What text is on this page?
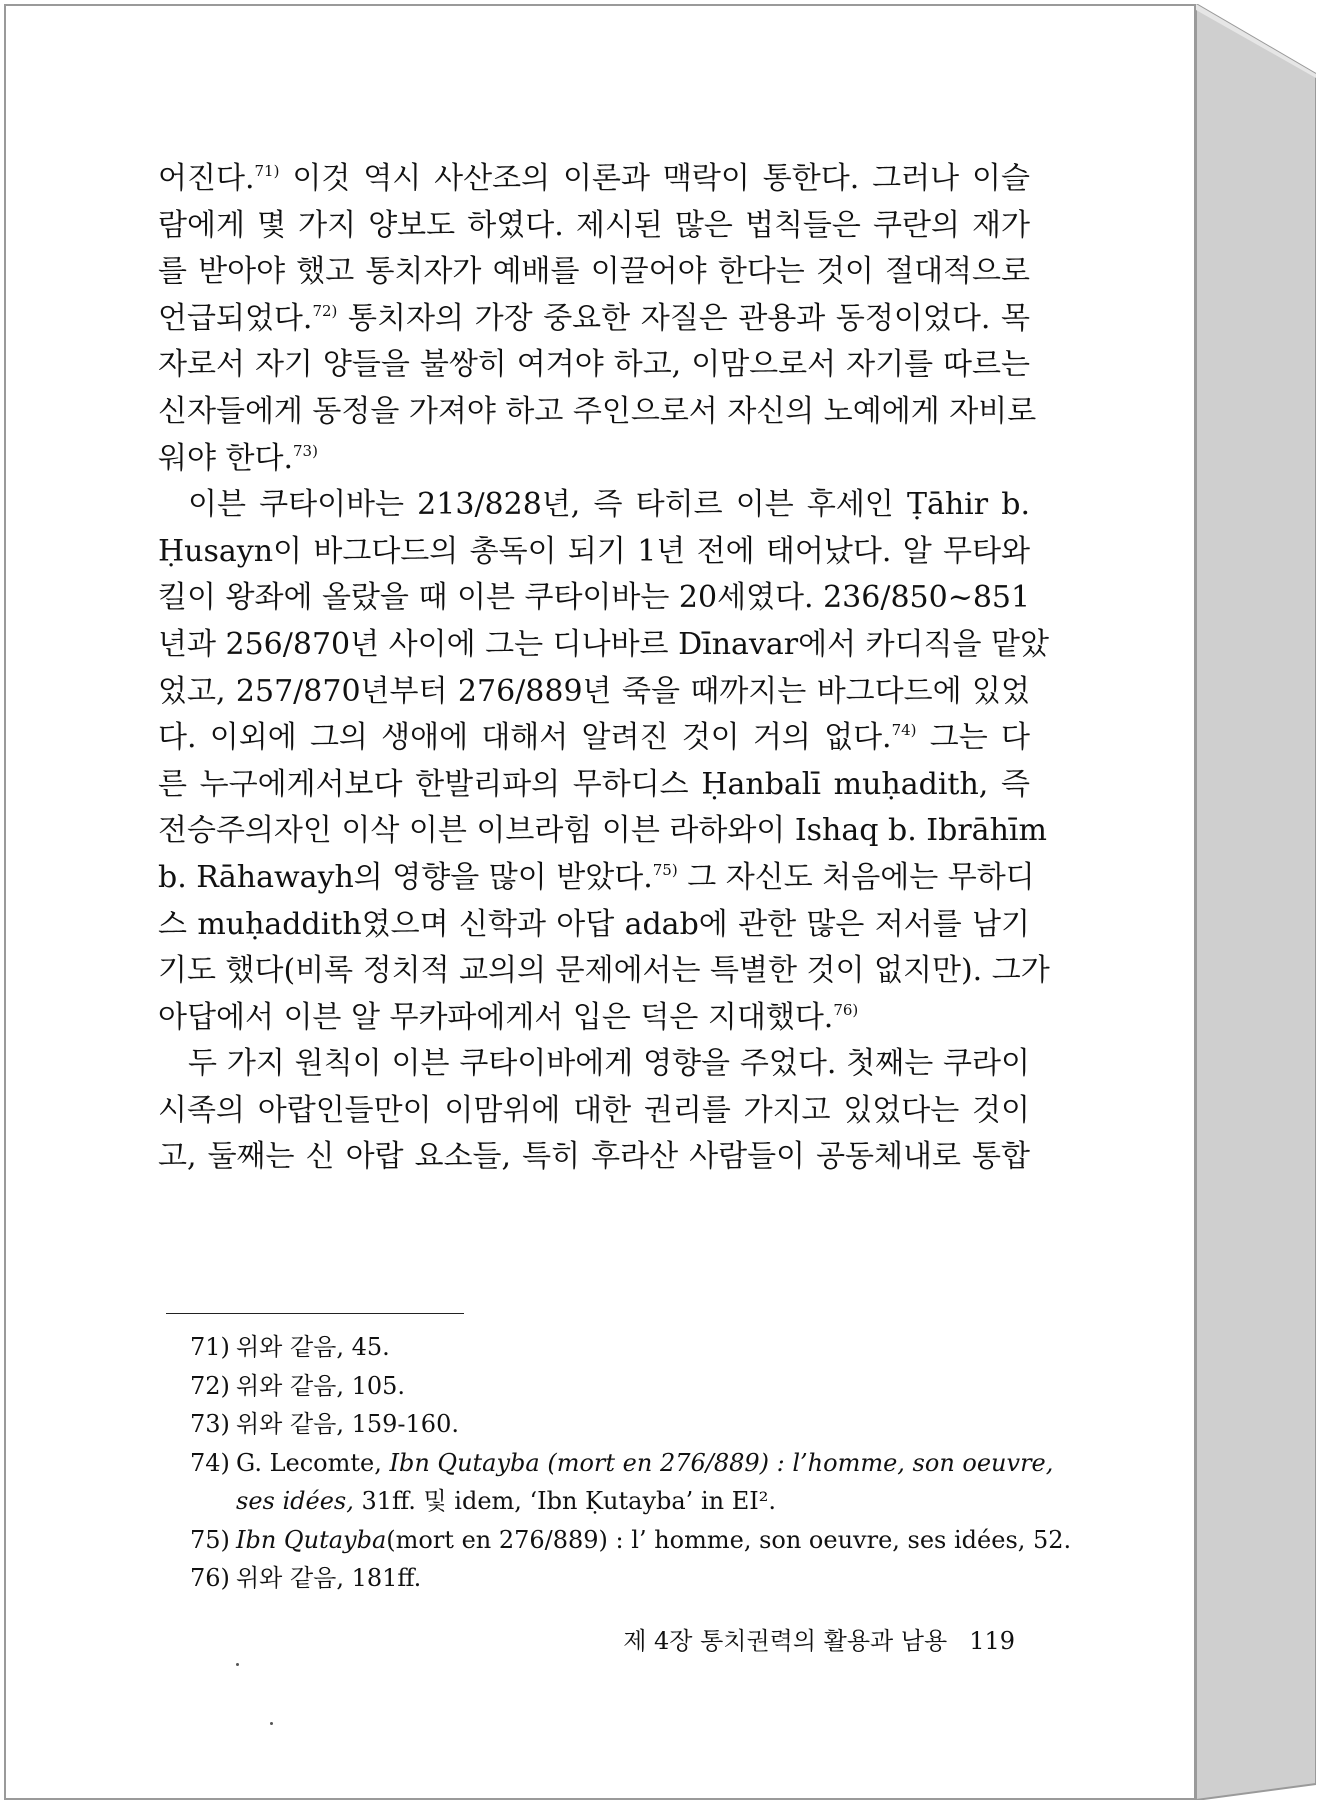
어진다.$^{71)}$ 이것 역시 사산조의 이론과 맥락이 통한다. 그러나 이슬
람에게 몇 가지 양보도 하였다. 제시된 많은 법칙들은 쿠란의 재가
를 받아야 했고 통치자가 예배를 이끌어야 한다는 것이 절대적으로
언급되었다.$^{72)}$ 통치자의 가장 중요한 자질은 관용과 동정이었다. 목
자로서 자기 양들을 불쌍히 여겨야 하고, 이맘으로서 자기를 따르는
신자들에게 동정을 가져야 하고 주인으로서 자신의 노예에게 자비로
워야 한다.$^{73)}$

이븐 쿠타이바는 213/828년, 즉 타히르 이븐 후세인 Ṭāhir b.
Ḥusayn이 바그다드의 총독이 되기 1년 전에 태어났다. 알 무타와
킬이 왕좌에 올랐을 때 이븐 쿠타이바는 20세였다. 236/850~851
년과 256/870년 사이에 그는 디나바르 Dīnavar에서 카디직을 맡았
었고, 257/870년부터 276/889년 죽을 때까지는 바그다드에 있었
다. 이외에 그의 생애에 대해서 알려진 것이 거의 없다.$^{74)}$ 그는 다
른 누구에게서보다 한발리파의 무하디스 Ḥanbalī muḥadith, 즉
전승주의자인 이삭 이븐 이브라힘 이븐 라하와이 Ishaq b. Ibrāhīm
b. Rāhawayh의 영향을 많이 받았다.$^{75)}$ 그 자신도 처음에는 무하디
스 muḥaddith였으며 신학과 아답 adab에 관한 많은 저서를 남기
기도 했다(비록 정치적 교의의 문제에서는 특별한 것이 없지만). 그가
아답에서 이븐 알 무카파에게서 입은 덕은 지대했다.$^{76)}$

두 가지 원칙이 이븐 쿠타이바에게 영향을 주었다. 첫째는 쿠라이
시족의 아랍인들만이 이맘위에 대한 권리를 가지고 있었다는 것이
고, 둘째는 신 아랍 요소들, 특히 후라산 사람들이 공동체내로 통합

71) 위와 같음, 45.
72) 위와 같음, 105.
73) 위와 같음, 159-160.
74) G. Lecomte, Ibn Qutayba (mort en 276/889) : l’homme, son oeuvre,
ses idées, 31ff. 및 idem, ‘Ibn Ḳutayba’ in EI².
75) Ibn Qutayba(mort en 276/889) : l’ homme, son oeuvre, ses idées, 52.
76) 위와 같음, 181ff.
제 4장 통치권력의 활용과 남용 119
